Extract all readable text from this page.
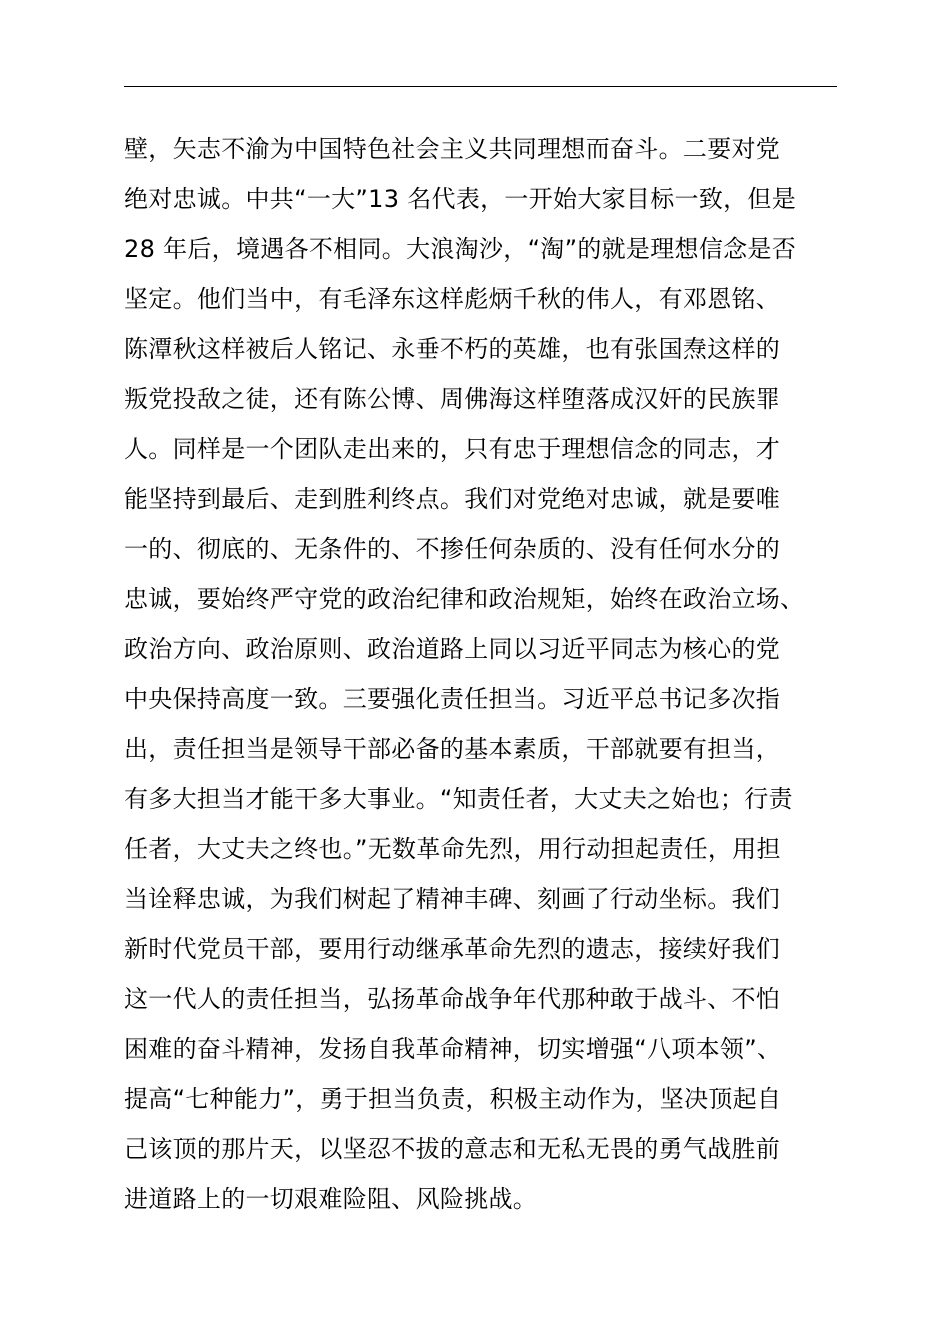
壁，矢志不渝为中国特色社会主义共同理想而奋斗。二要对党
绝对忠诚。中共“一大”13 名代表，一开始大家目标一致，但是
28 年后，境遇各不相同。大浪淘沙，“淘”的就是理想信念是否
坚定。他们当中，有毛泽东这样彪炳千秋的伟人，有邓恩铭、
陈潭秋这样被后人铭记、永垂不朽的英雄，也有张国焘这样的
叛党投敌之徒，还有陈公博、周佛海这样堕落成汉奸的民族罪
人。同样是一个团队走出来的，只有忠于理想信念的同志，才
能坚持到最后、走到胜利终点。我们对党绝对忠诚，就是要唯
一的、彻底的、无条件的、不掺任何杂质的、没有任何水分的
忠诚，要始终严守党的政治纪律和政治规矩，始终在政治立场、
政治方向、政治原则、政治道路上同以习近平同志为核心的党
中央保持高度一致。三要强化责任担当。习近平总书记多次指
出，责任担当是领导干部必备的基本素质，干部就要有担当，
有多大担当才能干多大事业。“知责任者，大丈夫之始也；行责
任者，大丈夫之终也。”无数革命先烈，用行动担起责任，用担
当诠释忠诚，为我们树起了精神丰碑、刻画了行动坐标。我们
新时代党员干部，要用行动继承革命先烈的遗志，接续好我们
这一代人的责任担当，弘扬革命战争年代那种敢于战斗、不怕
困难的奋斗精神，发扬自我革命精神，切实增强“八项本领”、
提高“七种能力”，勇于担当负责，积极主动作为，坚决顶起自
己该顶的那片天，以坚忍不拔的意志和无私无畏的勇气战胜前
进道路上的一切艰难险阻、风险挑战。
